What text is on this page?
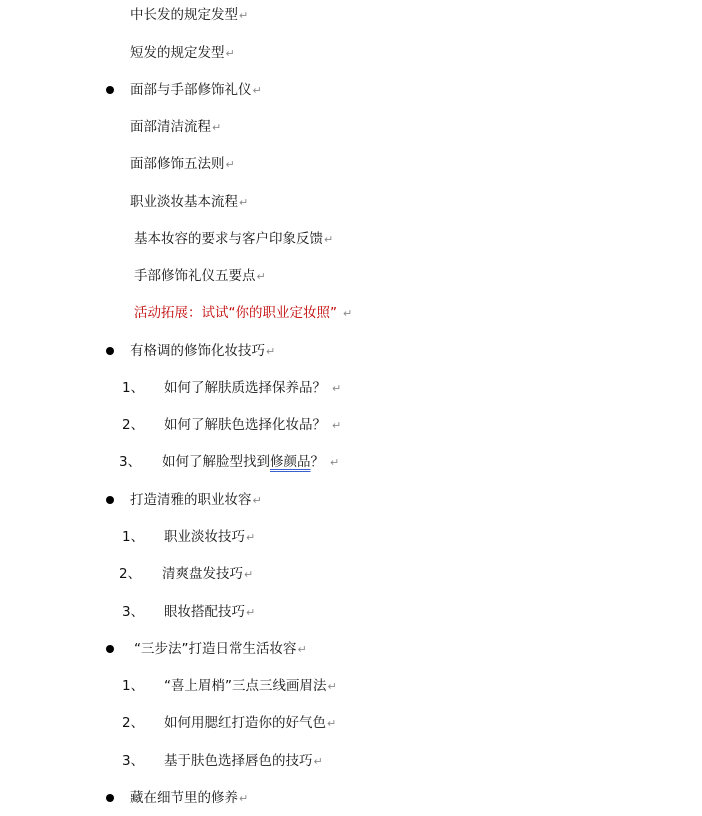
中长发的规定发型↵
短发的规定发型↵
面部与手部修饰礼仪↵
面部清洁流程↵
面部修饰五法则↵
职业淡妆基本流程↵
基本妆容的要求与客户印象反馈↵
手部修饰礼仪五要点↵
活动拓展：试试“你的职业定妆照” ↵
有格调的修饰化妆技巧↵
1、 如何了解肤质选择保养品？ ↵
2、 如何了解肤色选择化妆品？ ↵
3、 如何了解脸型找到修颜品？ ↵
打造清雅的职业妆容↵
1、 职业淡妆技巧↵
2、 清爽盘发技巧↵
3、 眼妆搭配技巧↵
“三步法”打造日常生活妆容↵
1、 “喜上眉梢”三点三线画眉法↵
2、 如何用腮红打造你的好气色↵
3、 基于肤色选择唇色的技巧↵
藏在细节里的修养↵
